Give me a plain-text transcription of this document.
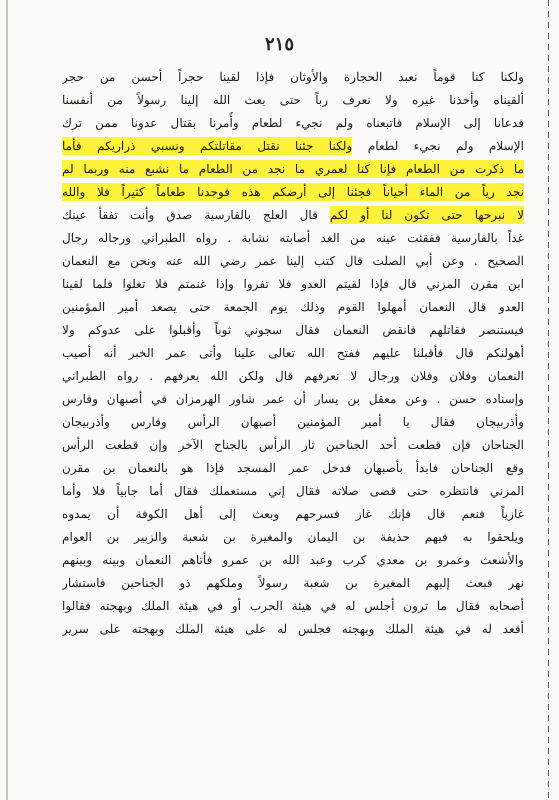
٢١٥
ولكنا كنا قوماً نعبد الحجارة والأوثان فإذا لقينا حجراً أحسن من حجر
ألقيناه وأخذنا غيره ولا نعرف رباً حتى بعث الله إلينا رسولاً من أنفسنا
فدعانا إلى الإسلام فاتبعناه ولم نجيء لطعام وأُمرنا بقتال عدونا ممن ترك
الإسلام ولم نجيء لطعام ولكنا جئنا نقتل مقاتلتكم ونسبي ذراريكم فأما
ما ذكرت من الطعام فإنا كنا لعمري ما نجد من الطعام ما نشبع منه وربما لم
نجد رياً من الماء أحياناً فجئنا إلى أرضكم هذه فوجدنا طعاماً كثيراً فلا والله
لا نبرحها حتى تكون لنا أو لكم قال العلج بالفارسية صدق وأنت تفقأ عينك
غداً بالفارسية ففقئت عينه من الغد أصابته نشابة . رواه الطبراني ورجاله رجال
الصحيح . وعن أبي الصلت قال كتب إلينا عمر رضي الله عنه ونحن مع النعمان
ابن مقرن المزني قال فإذا لقيتم العدو فلا تفروا وإذا غنمتم فلا تغلوا فلما لقينا
العدو قال النعمان أمهلوا القوم وذلك يوم الجمعة حتى يصعد أمير المؤمنين
فيستنصر فقاتلهم فانقض النعمان فقال سجوني ثوباً وأقبلوا على عدوكم ولا
أهولنكم قال فأقبلنا عليهم ففتح الله تعالى علينا وأتى عمر الخبر أنه أصيب
النعمان وفلان وفلان ورجال لا نعرفهم قال ولكن الله يعرفهم . رواه الطبراني
وإسناده حسن . وعن معقل بن يسار أن عمر شاور الهرمزان في أصبهان وفارس
وأذربيجان فقال يا أمير المؤمنين أصبهان الرأس وفارس وأذربيجان
الجناحان فإن قطعت أحد الجناحين ثار الرأس بالجناح الآخر وإن قطعت الرأس
وقع الجناحان فابدأ بأصبهان فدخل عمر المسجد فإذا هو بالنعمان بن مقرن
المزني فانتظره حتى قضى صلاته فقال إني مستعملك فقال أما جابياً فلا وأما
غازياً فنعم قال فإنك غاز فسرحهم وبعث إلى أهل الكوفة أن يمدوه
ويلحقوا به فيهم حذيفة بن اليمان والمغيرة بن شعبة والزبير بن العوام
والأشعث وعمرو بن معدي كرب وعبد الله بن عمرو فأتاهم النعمان وبينه وبينهم
نهر فبعث إليهم المغيرة بن شعبة رسولاً وملكهم ذو الجناحين فاستشار
أصحابه فقال ما ترون أجلس له في هيئة الحرب أو في هيئة الملك وبهجته فقالوا
أقعد له في هيئة الملك وبهجته فجلس له على هيئة الملك وبهجته على سرير
